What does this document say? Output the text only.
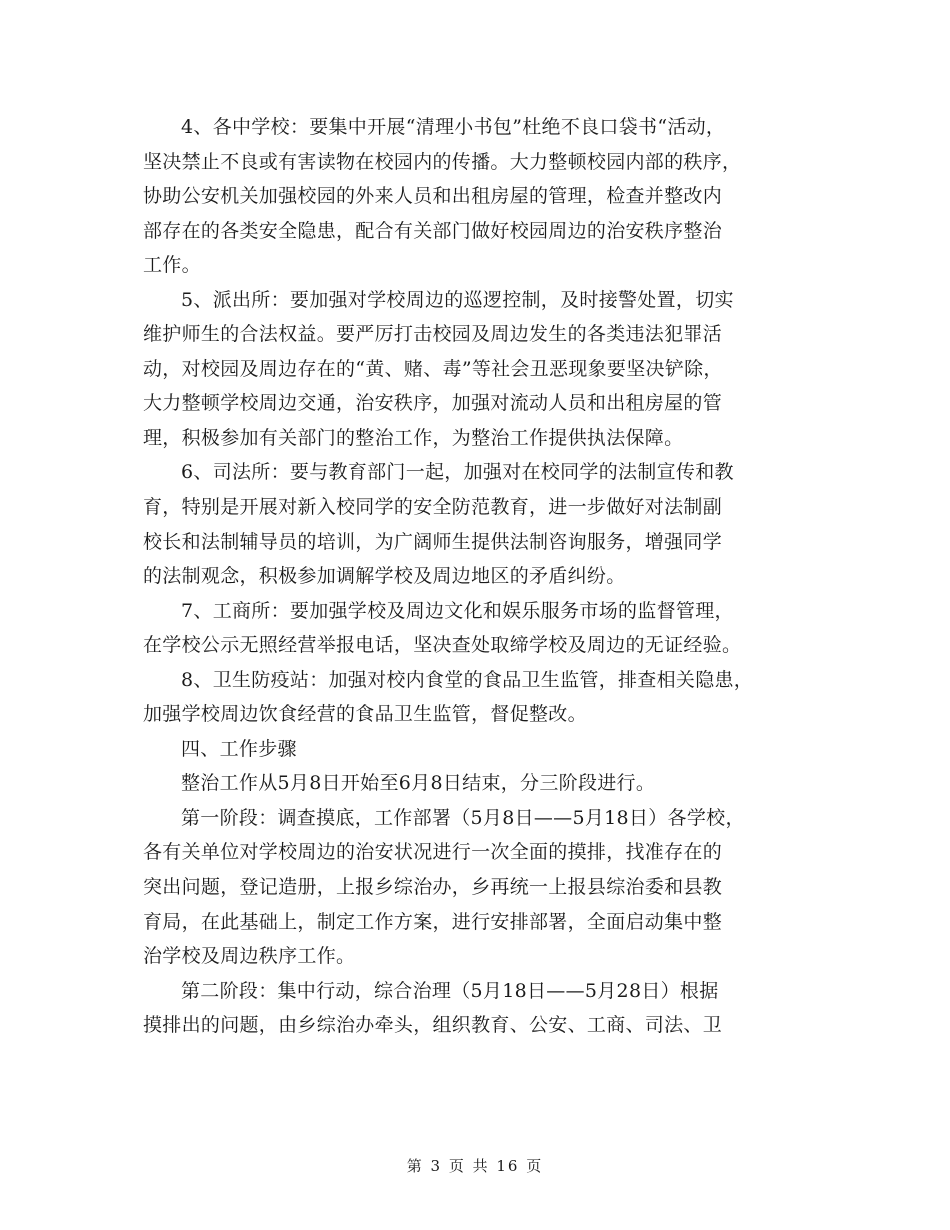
4、各中学校：要集中开展“清理小书包”杜绝不良口袋书“活动，
坚决禁止不良或有害读物在校园内的传播。大力整顿校园内部的秩序，
协助公安机关加强校园的外来人员和出租房屋的管理，检查并整改内
部存在的各类安全隐患，配合有关部门做好校园周边的治安秩序整治
工作。
5、派出所：要加强对学校周边的巡逻控制，及时接警处置，切实
维护师生的合法权益。要严厉打击校园及周边发生的各类违法犯罪活
动，对校园及周边存在的“黄、赌、毒”等社会丑恶现象要坚决铲除，
大力整顿学校周边交通，治安秩序，加强对流动人员和出租房屋的管
理，积极参加有关部门的整治工作，为整治工作提供执法保障。
6、司法所：要与教育部门一起，加强对在校同学的法制宣传和教
育，特别是开展对新入校同学的安全防范教育，进一步做好对法制副
校长和法制辅导员的培训，为广阔师生提供法制咨询服务，增强同学
的法制观念，积极参加调解学校及周边地区的矛盾纠纷。
7、工商所：要加强学校及周边文化和娱乐服务市场的监督管理，
在学校公示无照经营举报电话，坚决查处取缔学校及周边的无证经验。
8、卫生防疫站：加强对校内食堂的食品卫生监管，排查相关隐患，
加强学校周边饮食经营的食品卫生监管，督促整改。
四、工作步骤
整治工作从5月8日开始至6月8日结束，分三阶段进行。
第一阶段：调查摸底，工作部署（5月8日——5月18日）各学校，
各有关单位对学校周边的治安状况进行一次全面的摸排，找准存在的
突出问题，登记造册，上报乡综治办，乡再统一上报县综治委和县教
育局，在此基础上，制定工作方案，进行安排部署，全面启动集中整
治学校及周边秩序工作。
第二阶段：集中行动，综合治理（5月18日——5月28日）根据
摸排出的问题，由乡综治办牵头，组织教育、公安、工商、司法、卫
第 3 页 共 16 页
